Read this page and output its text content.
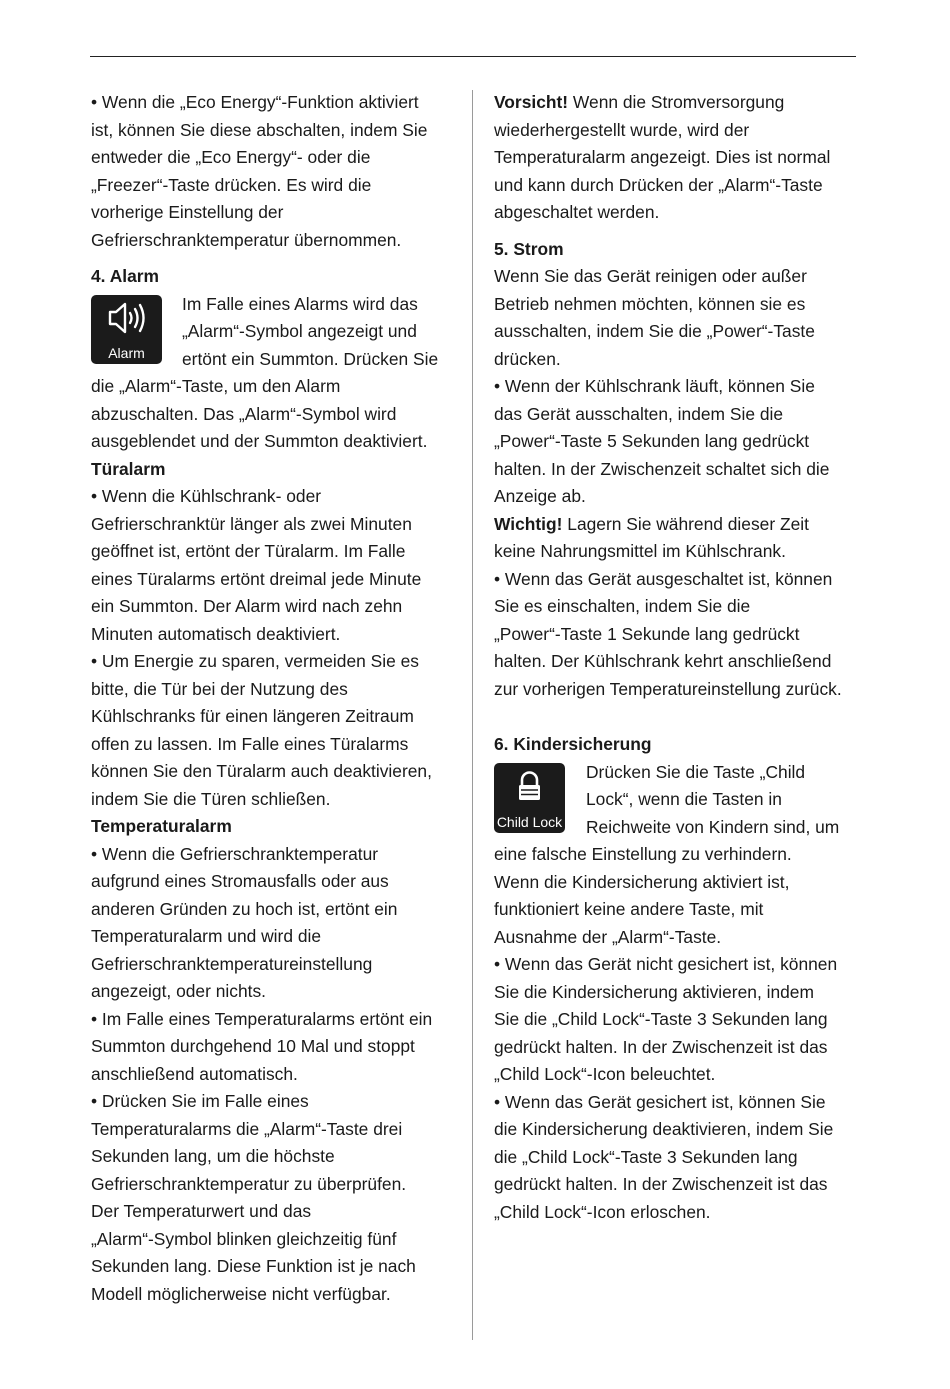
• Wenn die „Eco Energy“-Funktion aktiviert
ist, können Sie diese abschalten, indem Sie
entweder die „Eco Energy“- oder die
„Freezer“-Taste drücken. Es wird die
vorherige Einstellung der
Gefrierschranktemperatur übernommen.

4. Alarm
Alarm

Im Falle eines Alarms wird das
„Alarm“-Symbol angezeigt und
ertönt ein Summton. Drücken Sie

die „Alarm“-Taste, um den Alarm
abzuschalten. Das „Alarm“-Symbol wird
ausgeblendet und der Summton deaktiviert.

Türalarm

• Wenn die Kühlschrank- oder
Gefrierschranktür länger als zwei Minuten
geöffnet ist, ertönt der Türalarm. Im Falle
eines Türalarms ertönt dreimal jede Minute
ein Summton. Der Alarm wird nach zehn
Minuten automatisch deaktiviert.

• Um Energie zu sparen, vermeiden Sie es
bitte, die Tür bei der Nutzung des
Kühlschranks für einen längeren Zeitraum
offen zu lassen. Im Falle eines Türalarms
können Sie den Türalarm auch deaktivieren,
indem Sie die Türen schließen.

Temperaturalarm

• Wenn die Gefrierschranktemperatur
aufgrund eines Stromausfalls oder aus
anderen Gründen zu hoch ist, ertönt ein
Temperaturalarm und wird die
Gefrierschranktemperatureinstellung
angezeigt, oder nichts.

• Im Falle eines Temperaturalarms ertönt ein
Summton durchgehend 10 Mal und stoppt
anschließend automatisch.

• Drücken Sie im Falle eines
Temperaturalarms die „Alarm“-Taste drei
Sekunden lang, um die höchste
Gefrierschranktemperatur zu überprüfen.
Der Temperaturwert und das
„Alarm“-Symbol blinken gleichzeitig fünf
Sekunden lang. Diese Funktion ist je nach
Modell möglicherweise nicht verfügbar.

Vorsicht! Wenn die Stromversorgung
wiederhergestellt wurde, wird der
Temperaturalarm angezeigt. Dies ist normal
und kann durch Drücken der „Alarm“-Taste
abgeschaltet werden.

5. Strom

Wenn Sie das Gerät reinigen oder außer
Betrieb nehmen möchten, können sie es
ausschalten, indem Sie die „Power“-Taste
drücken.

• Wenn der Kühlschrank läuft, können Sie
das Gerät ausschalten, indem Sie die
„Power“-Taste 5 Sekunden lang gedrückt
halten. In der Zwischenzeit schaltet sich die
Anzeige ab.

Wichtig! Lagern Sie während dieser Zeit
keine Nahrungsmittel im Kühlschrank.

• Wenn das Gerät ausgeschaltet ist, können
Sie es einschalten, indem Sie die
„Power“-Taste 1 Sekunde lang gedrückt
halten. Der Kühlschrank kehrt anschließend
zur vorherigen Temperatureinstellung zurück.

6. Kindersicherung
Child Lock

Drücken Sie die Taste „Child
Lock“, wenn die Tasten in
Reichweite von Kindern sind, um

eine falsche Einstellung zu verhindern.
Wenn die Kindersicherung aktiviert ist,
funktioniert keine andere Taste, mit
Ausnahme der „Alarm“-Taste.

• Wenn das Gerät nicht gesichert ist, können
Sie die Kindersicherung aktivieren, indem
Sie die „Child Lock“-Taste 3 Sekunden lang
gedrückt halten. In der Zwischenzeit ist das
„Child Lock“-Icon beleuchtet.

• Wenn das Gerät gesichert ist, können Sie
die Kindersicherung deaktivieren, indem Sie
die „Child Lock“-Taste 3 Sekunden lang
gedrückt halten. In der Zwischenzeit ist das
„Child Lock“-Icon erloschen.
